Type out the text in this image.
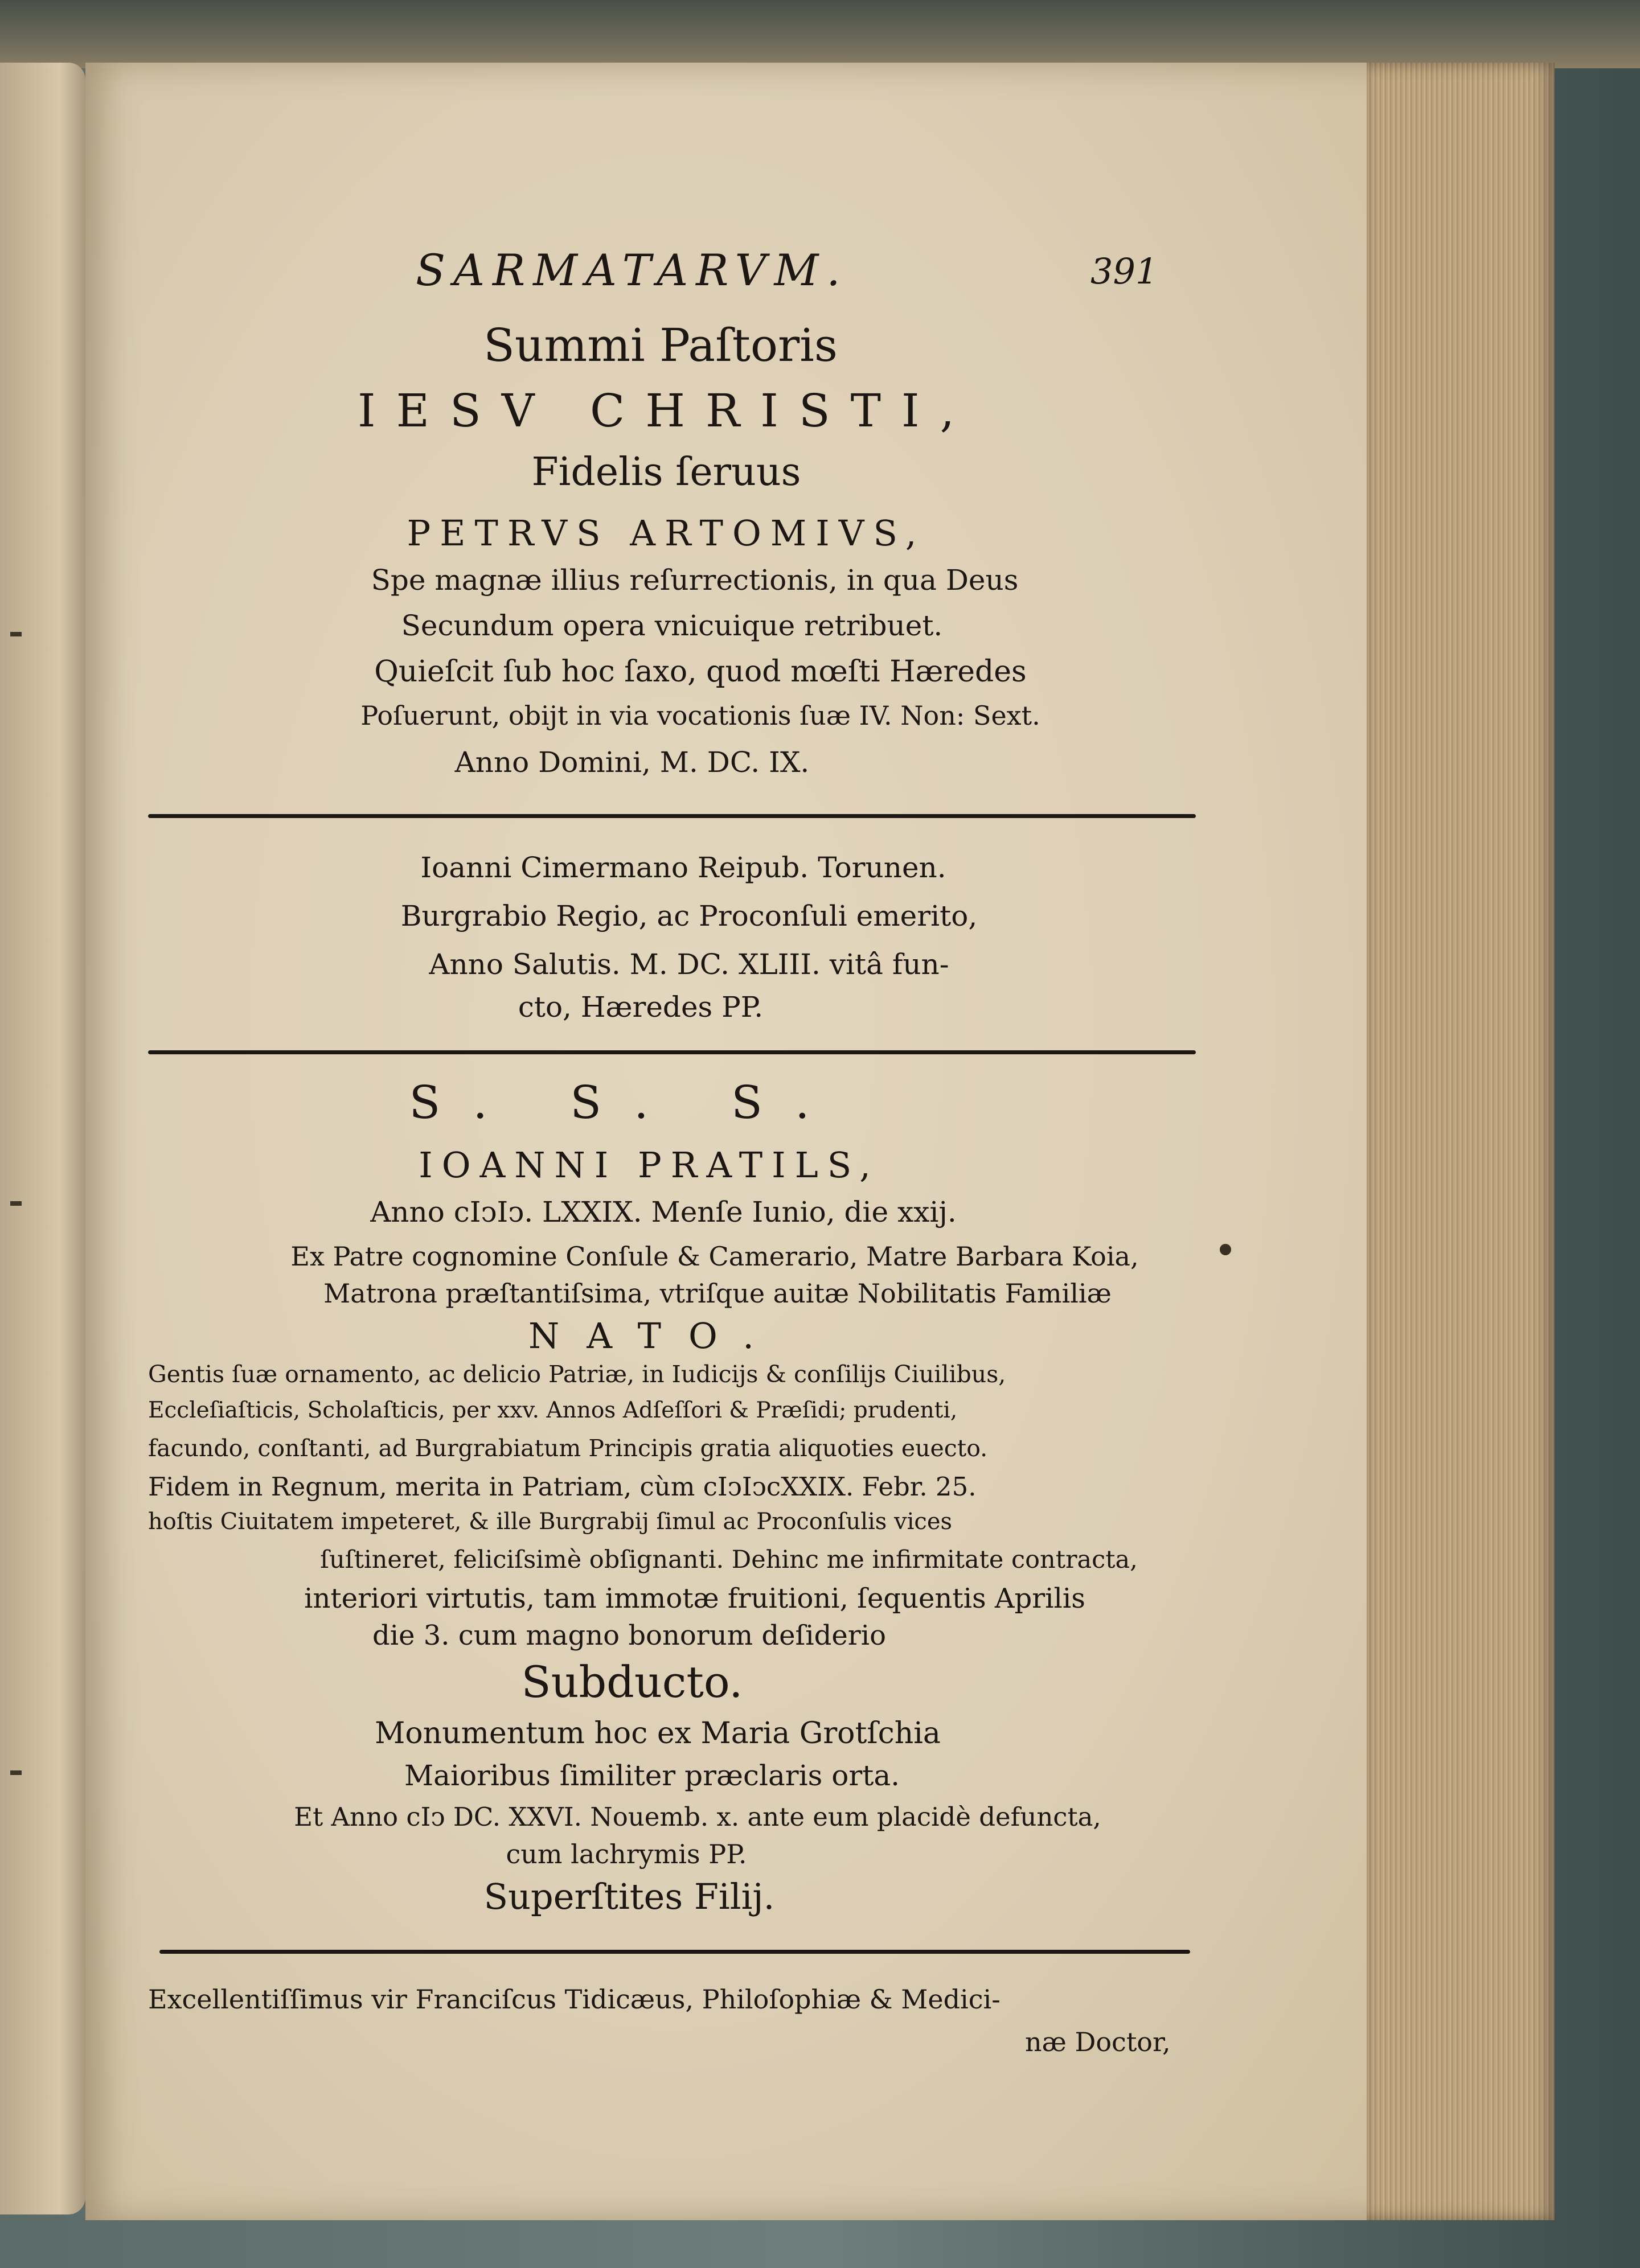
SARMATARVM.	391
Summi Paſtoris
IESV CHRISTI,
Fidelis ſeruus
PETRVS ARTOMIVS,
Spe magnæ illius reſurrectionis, in qua Deus
Secundum opera vnicuique retribuet.
Quieſcit ſub hoc ſaxo, quod mœſti Hæredes
Poſuerunt, obijt in via vocationis ſuæ IV. Non: Sext.
Anno Domini, M. DC. IX.
Ioanni Cimermano Reipub. Torunen.
Burgrabio Regio, ac Proconſuli emerito,
Anno Salutis. M. DC. XLIII. vitâ fun-
cto, Hæredes PP.
S. S. S.
IOANNI PRATILS,
Anno cIↄIↄ. LXXIX. Menſe Iunio, die xxij.
Ex Patre cognomine Conſule & Camerario, Matre Barbara Koia,
Matrona præſtantiſsima, vtriſque auitæ Nobilitatis Familiæ
NATO.
Gentis ſuæ ornamento, ac delicio Patriæ, in Iudicijs & conſilijs Ciuilibus,
Eccleſiaſticis, Scholaſticis, per xxv. Annos Adſeſſori & Præſidi; prudenti,
facundo, conſtanti, ad Burgrabiatum Principis gratia aliquoties euecto.
Fidem in Regnum, merita in Patriam, cùm cIↄIↄcXXIX. Febr. 25.
hoſtis Ciuitatem impeteret, & ille Burgrabij ſimul ac Proconſulis vices
ſuſtineret, feliciſsimè obſignanti. Dehinc me infirmitate contracta,
interiori virtutis, tam immotæ fruitioni, ſequentis Aprilis
die 3. cum magno bonorum deſiderio
Subducto.
Monumentum hoc ex Maria Grotſchia
Maioribus ſimiliter præclaris orta.
Et Anno cIↄ DC. XXVI. Nouemb. x. ante eum placidè defuncta,
cum lachrymis PP.
Superſtites Filij.
Excellentiſſimus vir Franciſcus Tidicæus, Philoſophiæ & Medici-
næ Doctor,
